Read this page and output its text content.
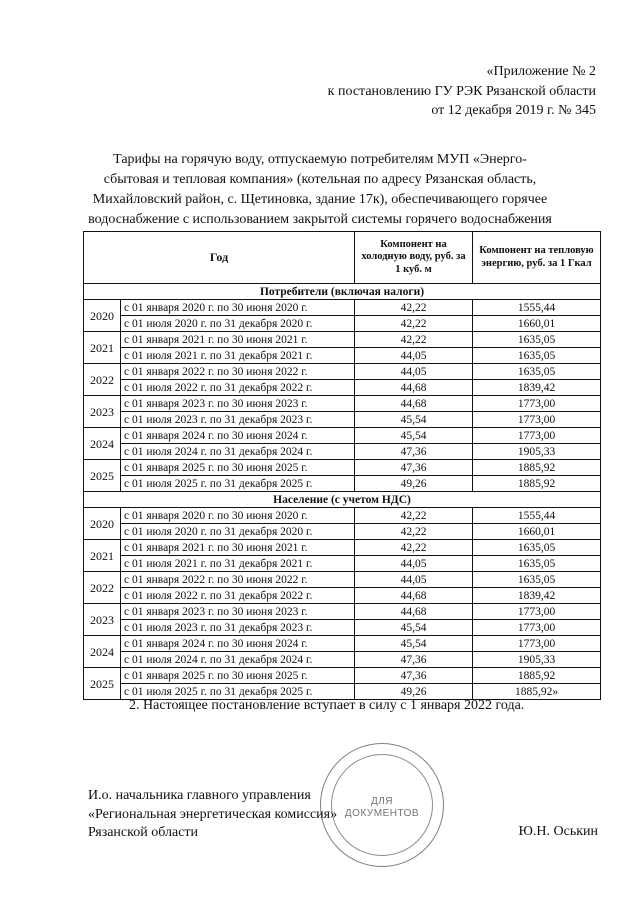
«Приложение № 2
к постановлению ГУ РЭК Рязанской области
от 12 декабря 2019 г. № 345
Тарифы на горячую воду, отпускаемую потребителям МУП «Энерго-
сбытовая и тепловая компания» (котельная по адресу Рязанская область,
Михайловский район, с. Щетиновка, здание 17к), обеспечивающего горячее
водоснабжение с использованием закрытой системы горячего водоснабжения
Год		Компонент на холодную воду, руб. за 1 куб. м	Компонент на тепловую энергию, руб. за 1 Гкал
Потребители (включая налоги)			
2020	с 01 января 2020 г. по 30 июня 2020 г.	42,22	1555,44
	с 01 июля 2020 г. по 31 декабря 2020 г.	42,22	1660,01
2021	с 01 января 2021 г. по 30 июня 2021 г.	42,22	1635,05
	с 01 июля 2021 г. по 31 декабря 2021 г.	44,05	1635,05
2022	с 01 января 2022 г. по 30 июня 2022 г.	44,05	1635,05
	с 01 июля 2022 г. по 31 декабря 2022 г.	44,68	1839,42
2023	с 01 января 2023 г. по 30 июня 2023 г.	44,68	1773,00
	с 01 июля 2023 г. по 31 декабря 2023 г.	45,54	1773,00
2024	с 01 января 2024 г. по 30 июня 2024 г.	45,54	1773,00
	с 01 июля 2024 г. по 31 декабря 2024 г.	47,36	1905,33
2025	с 01 января 2025 г. по 30 июня 2025 г.	47,36	1885,92
	с 01 июля 2025 г. по 31 декабря 2025 г.	49,26	1885,92
Население (с учетом НДС)			
2020	с 01 января 2020 г. по 30 июня 2020 г.	42,22	1555,44
	с 01 июля 2020 г. по 31 декабря 2020 г.	42,22	1660,01
2021	с 01 января 2021 г. по 30 июня 2021 г.	42,22	1635,05
	с 01 июля 2021 г. по 31 декабря 2021 г.	44,05	1635,05
2022	с 01 января 2022 г. по 30 июня 2022 г.	44,05	1635,05
	с 01 июля 2022 г. по 31 декабря 2022 г.	44,68	1839,42
2023	с 01 января 2023 г. по 30 июня 2023 г.	44,68	1773,00
	с 01 июля 2023 г. по 31 декабря 2023 г.	45,54	1773,00
2024	с 01 января 2024 г. по 30 июня 2024 г.	45,54	1773,00
	с 01 июля 2024 г. по 31 декабря 2024 г.	47,36	1905,33
2025	с 01 января 2025 г. по 30 июня 2025 г.	47,36	1885,92
	с 01 июля 2025 г. по 31 декабря 2025 г.	49,26	1885,92»
2. Настоящее постановление вступает в силу с 1 января 2022 года.
ДЛЯ
ДОКУМЕНТОВ
И.о. начальника главного управления
«Региональная энергетическая комиссия»
Рязанской области	Ю.Н. Оськин
